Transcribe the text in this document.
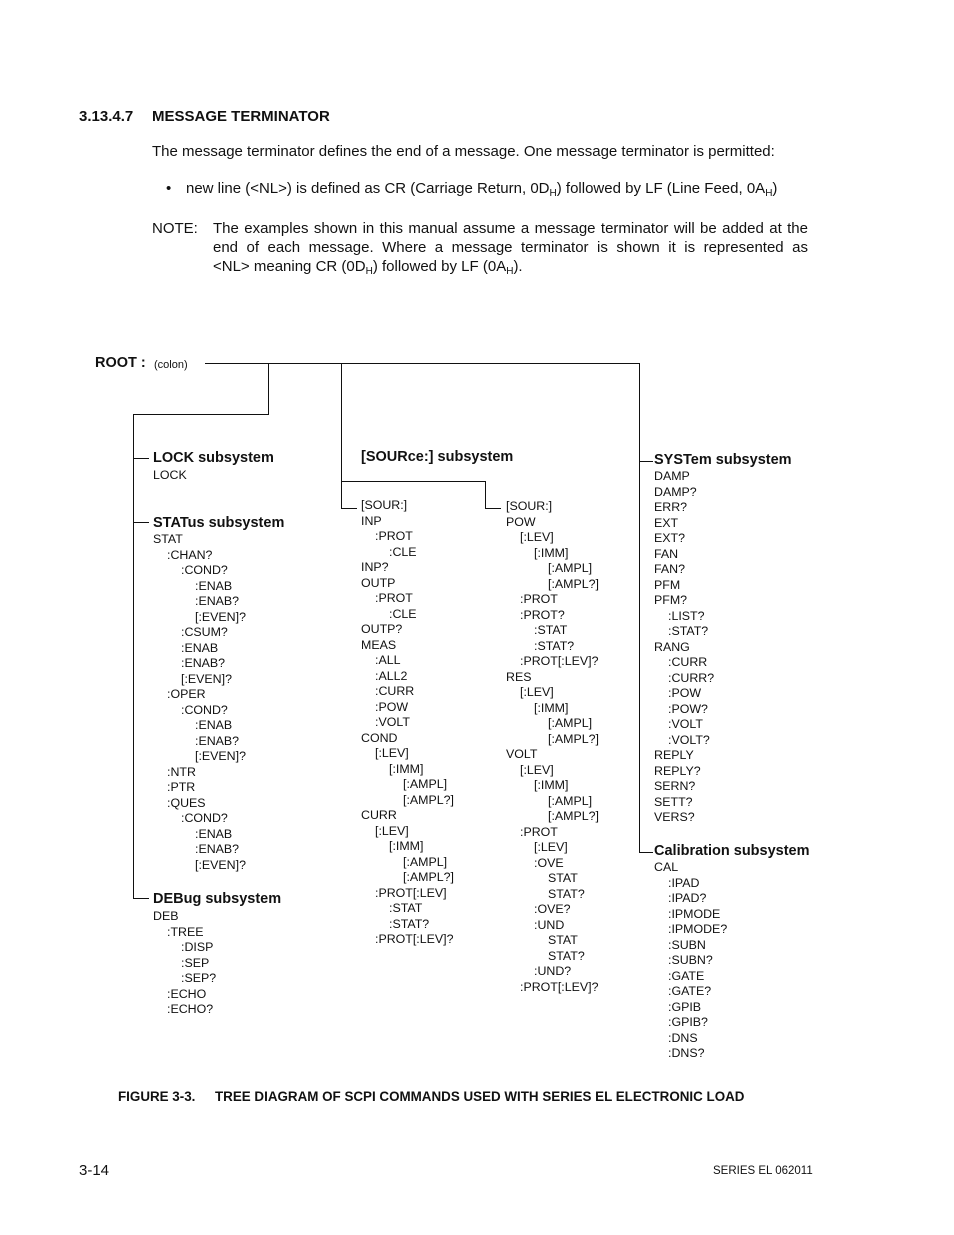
3.13.4.7 MESSAGE TERMINATOR
The message terminator defines the end of a message. One message terminator is permitted:
• new line (<NL>) is defined as CR (Carriage Return, $0D_H$) followed by LF (Line Feed, $0A_H$)
NOTE: The examples shown in this manual assume a message terminator will be added at the
end of each message. Where a message terminator is shown it is represented as
<NL> meaning CR $(0D_H)$ followed by LF $(0A_H)$.
ROOT : (colon)
LOCK subsystem
LOCK
STATus subsystem
STAT
:CHAN?
:COND?
:ENAB
:ENAB?
[:EVEN]?
:CSUM?
:ENAB
:ENAB?
[:EVEN]?
:OPER
:COND?
:ENAB
:ENAB?
[:EVEN]?
:NTR
:PTR
:QUES
:COND?
:ENAB
:ENAB?
[:EVEN]?
DEBug subsystem
DEB
:TREE
:DISP
:SEP
:SEP?
:ECHO
:ECHO?
[SOURce:] subsystem
[SOUR:]
INP
:PROT
:CLE
INP?
OUTP
:PROT
:CLE
OUTP?
MEAS
:ALL
:ALL2
:CURR
:POW
:VOLT
COND
[:LEV]
[:IMM]
[:AMPL]
[:AMPL?]
CURR
[:LEV]
[:IMM]
[:AMPL]
[:AMPL?]
:PROT[:LEV]
:STAT
:STAT?
:PROT[:LEV]?
[SOUR:]
POW
[:LEV]
[:IMM]
[:AMPL]
[:AMPL?]
:PROT
:PROT?
:STAT
:STAT?
:PROT[:LEV]?
RES
[:LEV]
[:IMM]
[:AMPL]
[:AMPL?]
VOLT
[:LEV]
[:IMM]
[:AMPL]
[:AMPL?]
:PROT
[:LEV]
:OVE
STAT
STAT?
:OVE?
:UND
STAT
STAT?
:UND?
:PROT[:LEV]?
SYSTem subsystem
DAMP
DAMP?
ERR?
EXT
EXT?
FAN
FAN?
PFM
PFM?
:LIST?
:STAT?
RANG
:CURR
:CURR?
:POW
:POW?
:VOLT
:VOLT?
REPLY
REPLY?
SERN?
SETT?
VERS?
Calibration subsystem
CAL
:IPAD
:IPAD?
:IPMODE
:IPMODE?
:SUBN
:SUBN?
:GATE
:GATE?
:GPIB
:GPIB?
:DNS
:DNS?
FIGURE 3-3. TREE DIAGRAM OF SCPI COMMANDS USED WITH SERIES EL ELECTRONIC LOAD
3-14	SERIES EL 062011
